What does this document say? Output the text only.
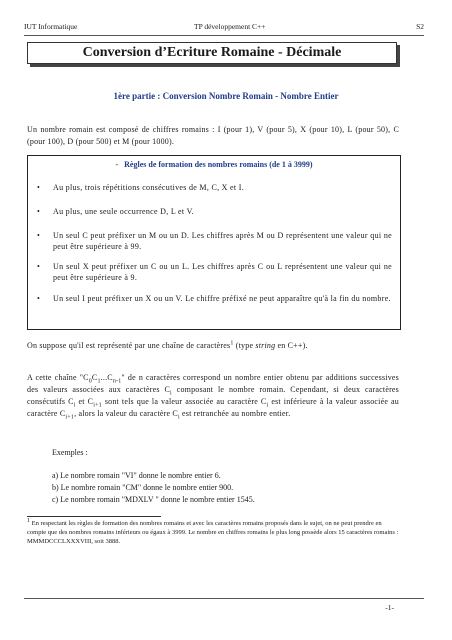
IUT Informatique	TP développement C++	S2
Conversion d’Ecriture Romaine - Décimale
1ère partie : Conversion Nombre Romain - Nombre Entier
Un nombre romain est composé de chiffres romains : I (pour 1), V (pour 5), X (pour 10), L (pour 50), C (pour 100), D (pour 500) et M (pour 1000).
- Règles de formation des nombres romains (de 1 à 3999)
• Au plus, trois répétitions consécutives de M, C, X et I.
• Au plus, une seule occurrence D, L et V.
• Un seul C peut préfixer un M ou un D. Les chiffres après M ou D représentent une valeur qui ne peut être supérieure à 99.
• Un seul X peut préfixer un C ou un L. Les chiffres après C ou L représentent une valeur qui ne peut être supérieure à 9.
• Un seul I peut préfixer un X ou un V. Le chiffre préfixé ne peut apparaître qu'à la fin du nombre.
On suppose qu'il est représenté par une chaîne de caractères$^1$ (type string en C++).
A cette chaîne "$C_0C_1...C_{n-1}$" de n caractères correspond un nombre entier obtenu par additions successives des valeurs associées aux caractères $C_i$ composant le nombre romain. Cependant, si deux caractères consécutifs $C_i$ et $C_{i+1}$ sont tels que la valeur associée au caractère $C_i$ est inférieure à la valeur associée au caractère $C_{i+1}$, alors la valeur du caractère $C_i$ est retranchée au nombre entier.
Exemples :
a) Le nombre romain "VI" donne le nombre entier 6.
b) Le nombre romain "CM" donne le nombre entier 900.
c) Le nombre romain "MDXLV " donne le nombre entier 1545.
$^1$ En respectant les règles de formation des nombres romains et avec les caractères romains proposés dans le sujet, on ne peut prendre en compte que des nombres romains inférieurs ou égaux à 3999. Le nombre en chiffres romains le plus long possède alors 15 caractères romains : MMMDCCCLXXXVIII, soit 3888.
-1-
